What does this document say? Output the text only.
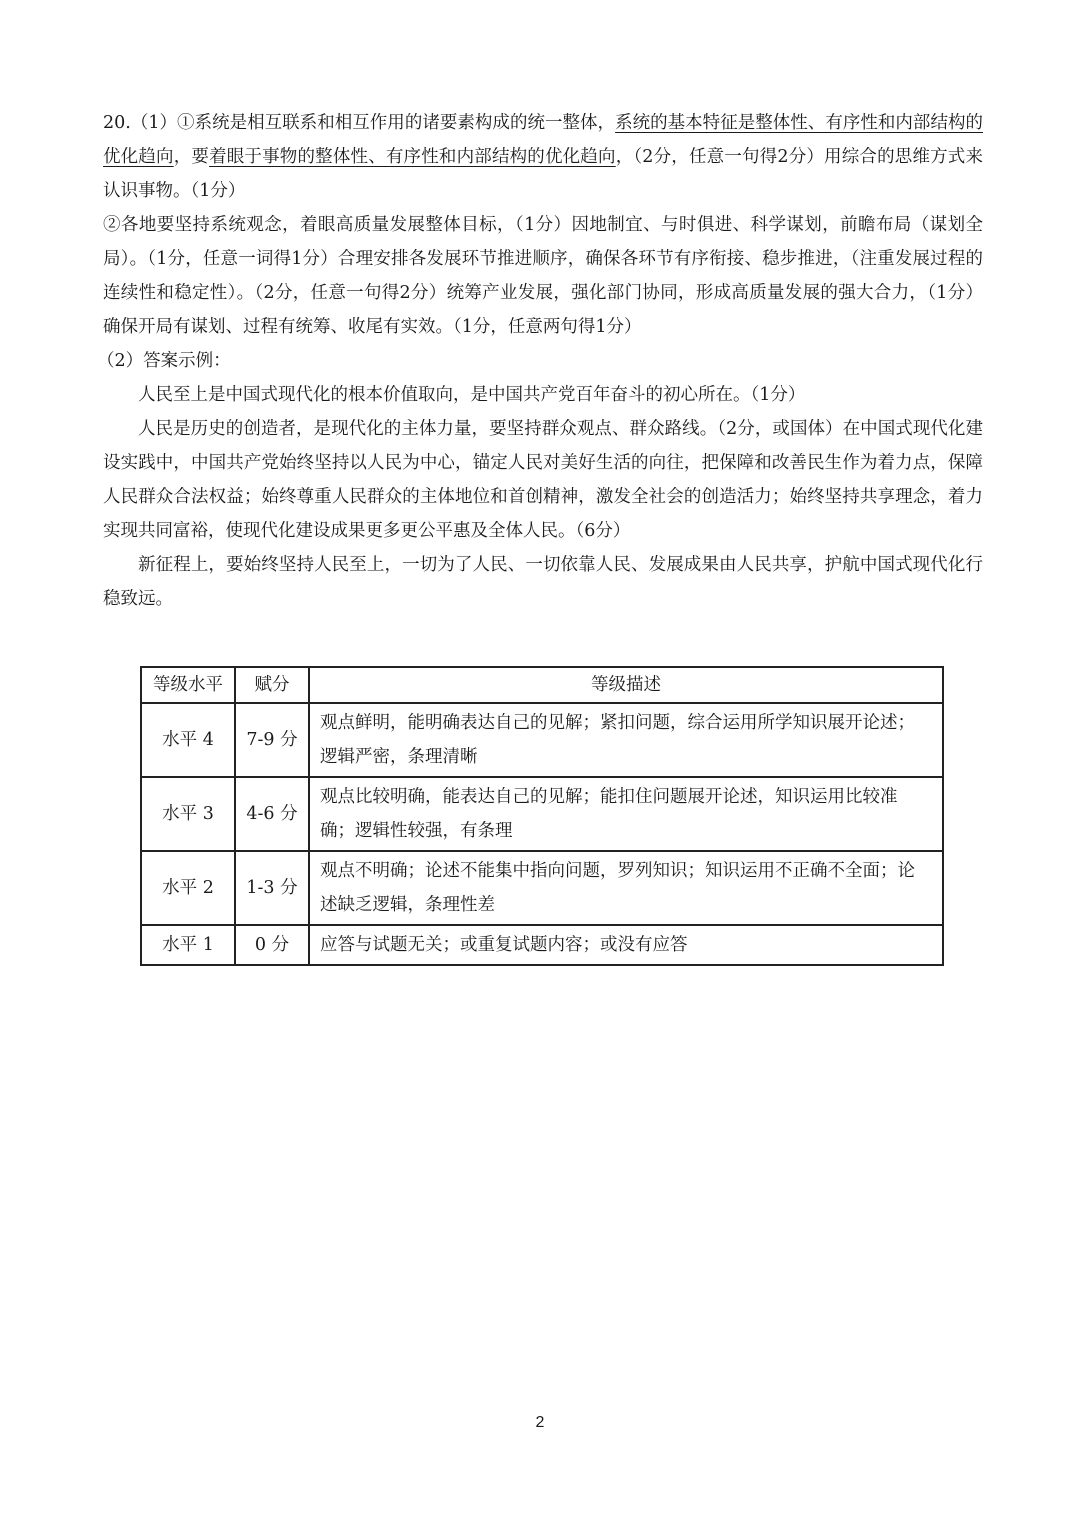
20.（1）①系统是相互联系和相互作用的诸要素构成的统一整体，系统的基本特征是整体性、有序性和内部结构的优化趋向，要着眼于事物的整体性、有序性和内部结构的优化趋向，（2分，任意一句得2分）用综合的思维方式来认识事物。（1分）

②各地要坚持系统观念，着眼高质量发展整体目标，（1分）因地制宜、与时俱进、科学谋划，前瞻布局（谋划全局）。（1分，任意一词得1分）合理安排各发展环节推进顺序，确保各环节有序衔接、稳步推进，（注重发展过程的连续性和稳定性）。（2分，任意一句得2分）统筹产业发展，强化部门协同，形成高质量发展的强大合力，（1分）确保开局有谋划、过程有统筹、收尾有实效。（1分，任意两句得1分）

（2）答案示例：

人民至上是中国式现代化的根本价值取向，是中国共产党百年奋斗的初心所在。（1分）

人民是历史的创造者，是现代化的主体力量，要坚持群众观点、群众路线。（2分，或国体）在中国式现代化建设实践中，中国共产党始终坚持以人民为中心，锚定人民对美好生活的向往，把保障和改善民生作为着力点，保障人民群众合法权益；始终尊重人民群众的主体地位和首创精神，激发全社会的创造活力；始终坚持共享理念，着力实现共同富裕，使现代化建设成果更多更公平惠及全体人民。（6分）

新征程上，要始终坚持人民至上，一切为了人民、一切依靠人民、发展成果由人民共享，护航中国式现代化行稳致远。

等级水平	赋分	等级描述
水平 4	7-9 分	观点鲜明，能明确表达自己的见解；紧扣问题，综合运用所学知识展开论述；逻辑严密，条理清晰
水平 3	4-6 分	观点比较明确，能表达自己的见解；能扣住问题展开论述，知识运用比较准确；逻辑性较强，有条理
水平 2	1-3 分	观点不明确；论述不能集中指向问题，罗列知识；知识运用不正确不全面；论述缺乏逻辑，条理性差
水平 1	0 分	应答与试题无关；或重复试题内容；或没有应答
2
